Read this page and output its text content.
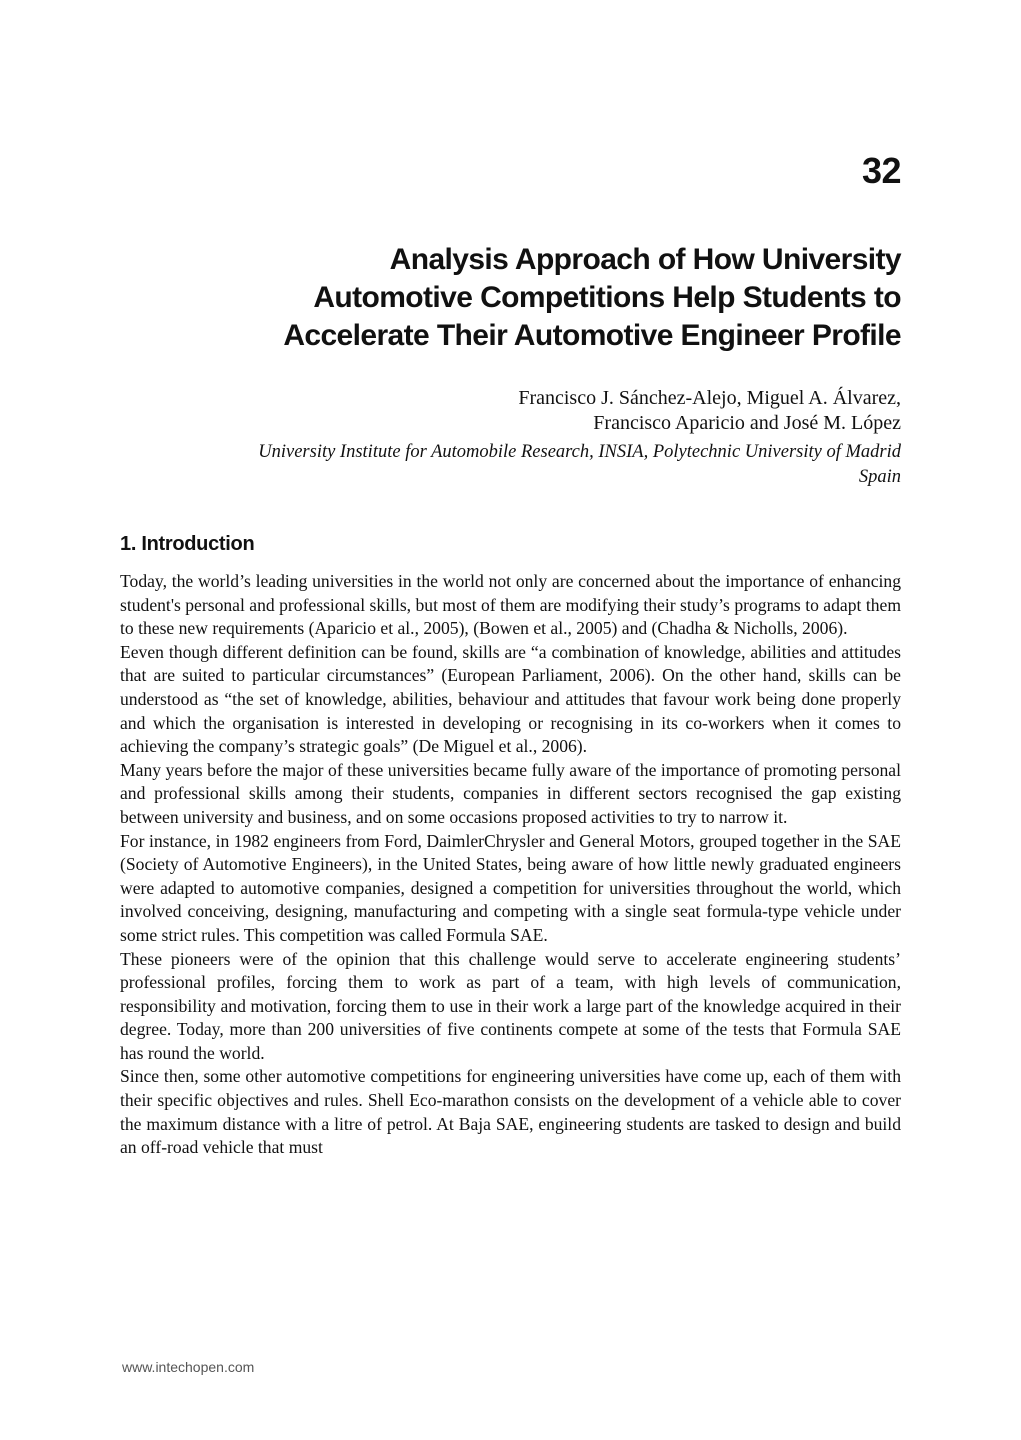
32
Analysis Approach of How University
Automotive Competitions Help Students to
Accelerate Their Automotive Engineer Profile
Francisco J. Sánchez-Alejo, Miguel A. Álvarez,
Francisco Aparicio and José M. López
University Institute for Automobile Research, INSIA, Polytechnic University of Madrid
Spain
1. Introduction

Today, the world’s leading universities in the world not only are concerned about the importance of enhancing student's personal and professional skills, but most of them are modifying their study’s programs to adapt them to these new requirements (Aparicio et al., 2005), (Bowen et al., 2005) and (Chadha & Nicholls, 2006).

Eeven though different definition can be found, skills are “a combination of knowledge, abilities and attitudes that are suited to particular circumstances” (European Parliament, 2006). On the other hand, skills can be understood as “the set of knowledge, abilities, behaviour and attitudes that favour work being done properly and which the organisation is interested in developing or recognising in its co-workers when it comes to achieving the company’s strategic goals” (De Miguel et al., 2006).

Many years before the major of these universities became fully aware of the importance of promoting personal and professional skills among their students, companies in different sectors recognised the gap existing between university and business, and on some occasions proposed activities to try to narrow it.

For instance, in 1982 engineers from Ford, DaimlerChrysler and General Motors, grouped together in the SAE (Society of Automotive Engineers), in the United States, being aware of how little newly graduated engineers were adapted to automotive companies, designed a competition for universities throughout the world, which involved conceiving, designing, manufacturing and competing with a single seat formula-type vehicle under some strict rules. This competition was called Formula SAE.

These pioneers were of the opinion that this challenge would serve to accelerate engineering students’ professional profiles, forcing them to work as part of a team, with high levels of communication, responsibility and motivation, forcing them to use in their work a large part of the knowledge acquired in their degree. Today, more than 200 universities of five continents compete at some of the tests that Formula SAE has round the world.

Since then, some other automotive competitions for engineering universities have come up, each of them with their specific objectives and rules. Shell Eco-marathon consists on the development of a vehicle able to cover the maximum distance with a litre of petrol. At Baja SAE, engineering students are tasked to design and build an off-road vehicle that must

www.intechopen.com
